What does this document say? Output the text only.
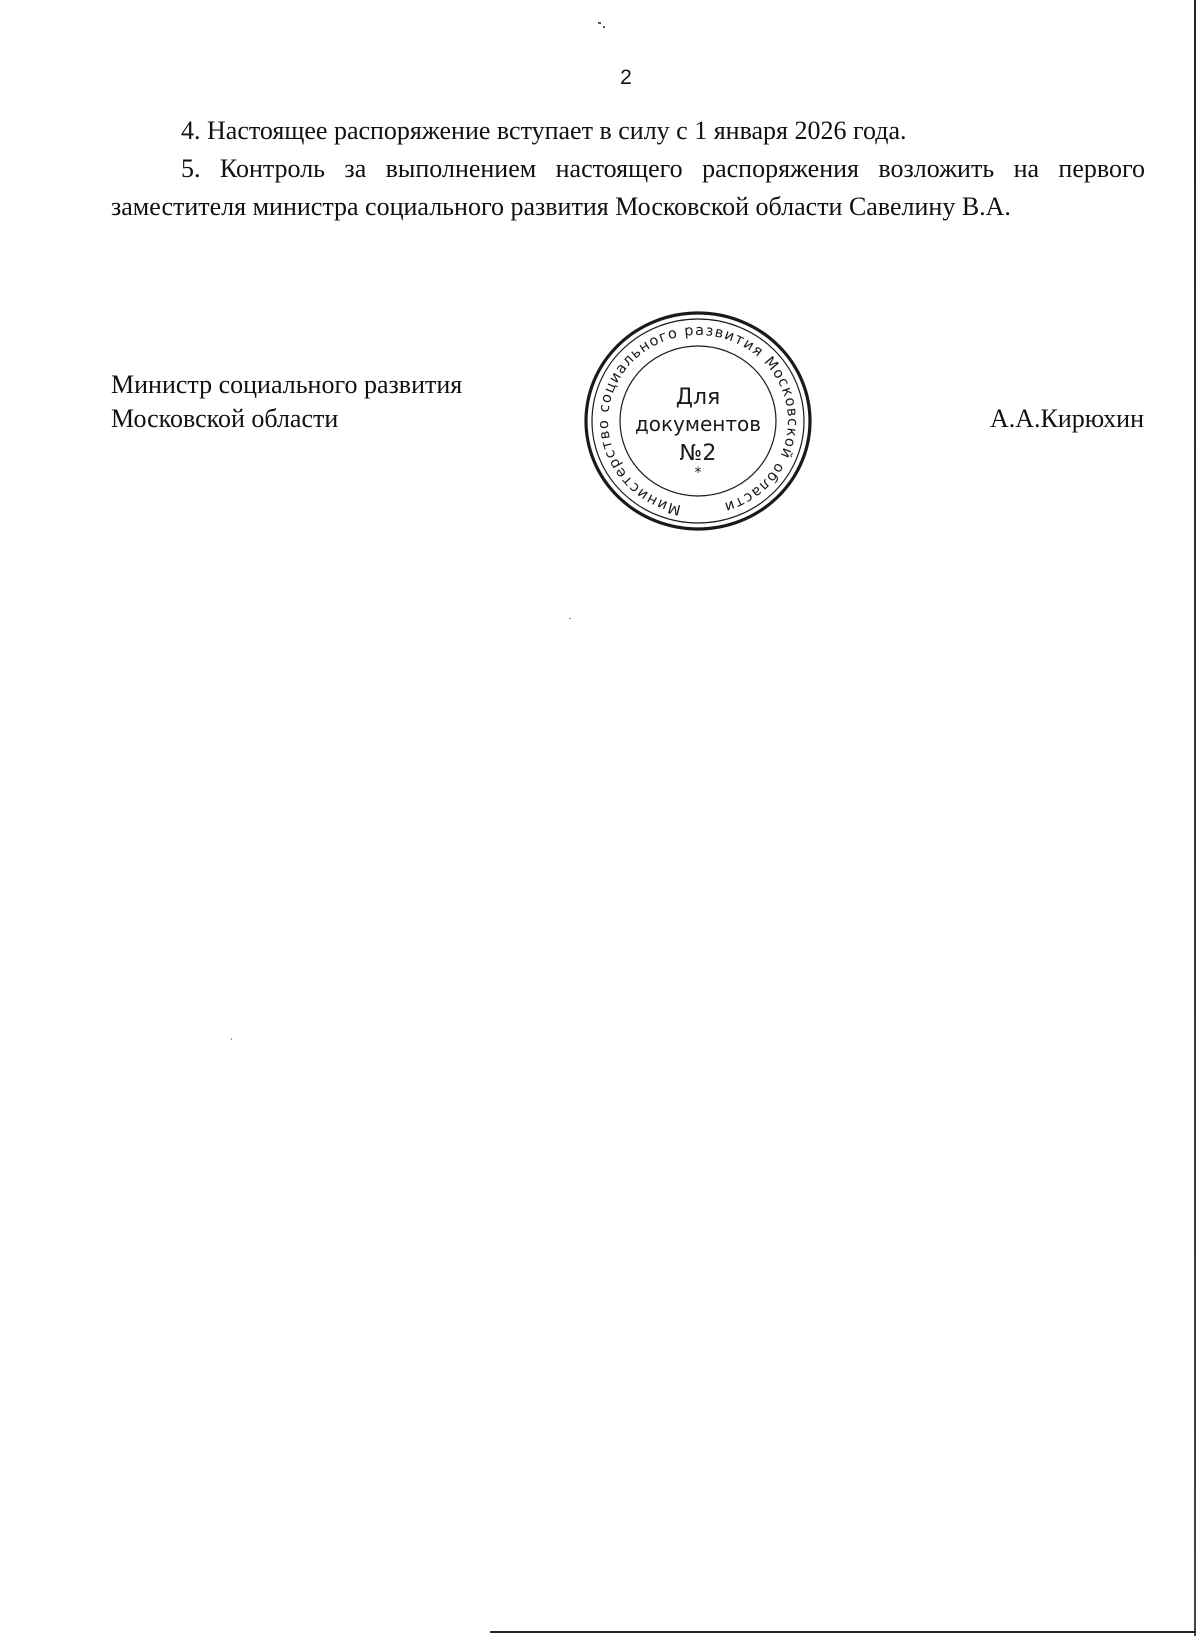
2

4. Настоящее распоряжение вступает в силу с 1 января 2026 года.

5. Контроль за выполнением настоящего распоряжения возложить на первого заместителя министра социального развития Московской области Савелину В.А.

Министр социального развития
Московской области
Министерство социального развития Московской области
*
Для
документов
№2
А.А.Кирюхин
